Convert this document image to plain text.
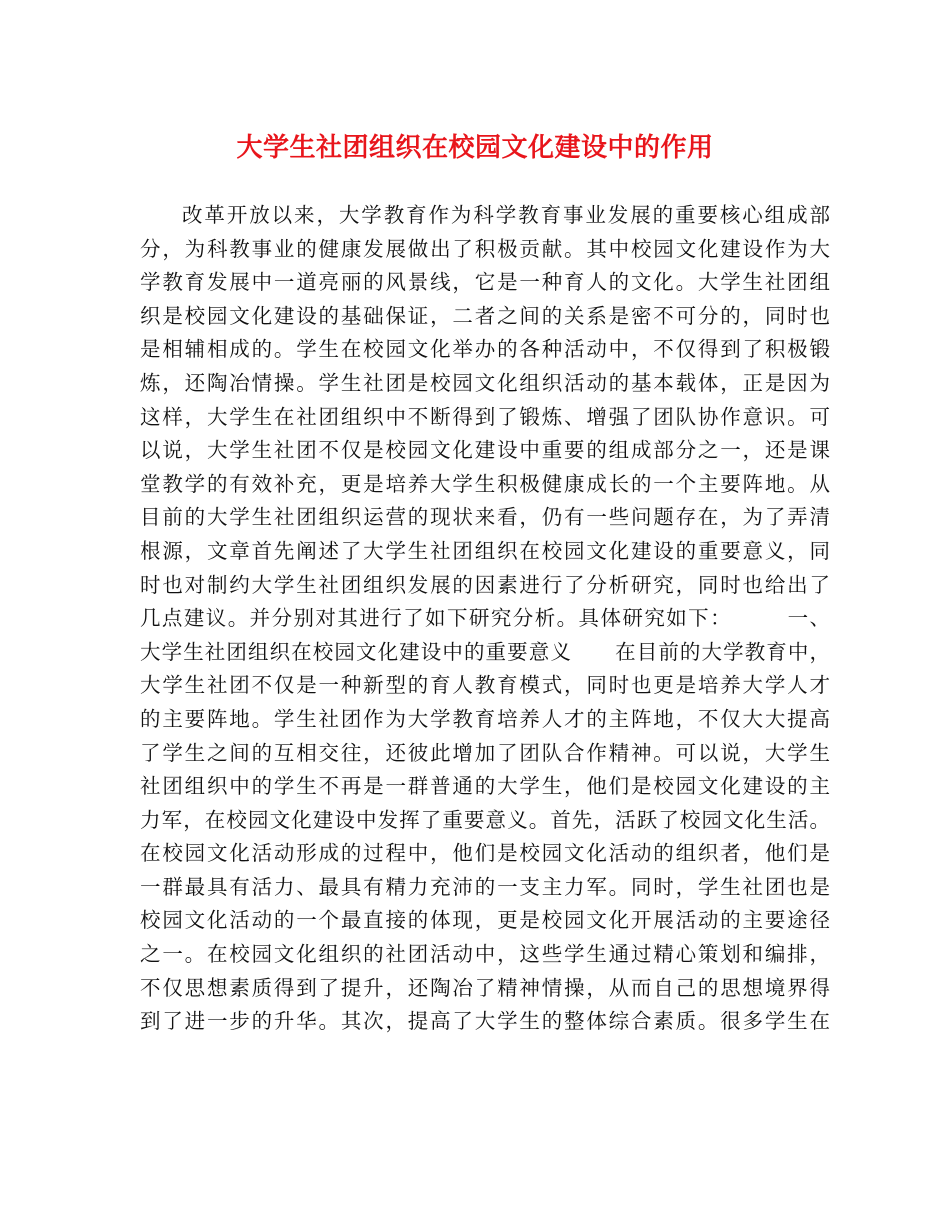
大学生社团组织在校园文化建设中的作用
改革开放以来，大学教育作为科学教育事业发展的重要核心组成部
分，为科教事业的健康发展做出了积极贡献。其中校园文化建设作为大
学教育发展中一道亮丽的风景线，它是一种育人的文化。大学生社团组
织是校园文化建设的基础保证，二者之间的关系是密不可分的，同时也
是相辅相成的。学生在校园文化举办的各种活动中，不仅得到了积极锻
炼，还陶冶情操。学生社团是校园文化组织活动的基本载体，正是因为
这样，大学生在社团组织中不断得到了锻炼、增强了团队协作意识。可
以说，大学生社团不仅是校园文化建设中重要的组成部分之一，还是课
堂教学的有效补充，更是培养大学生积极健康成长的一个主要阵地。从
目前的大学生社团组织运营的现状来看，仍有一些问题存在，为了弄清
根源，文章首先阐述了大学生社团组织在校园文化建设的重要意义，同
时也对制约大学生社团组织发展的因素进行了分析研究，同时也给出了
几点建议。并分别对其进行了如下研究分析。具体研究如下：　　　一、
大学生社团组织在校园文化建设中的重要意义　　在目前的大学教育中，
大学生社团不仅是一种新型的育人教育模式，同时也更是培养大学人才
的主要阵地。学生社团作为大学教育培养人才的主阵地，不仅大大提高
了学生之间的互相交往，还彼此增加了团队合作精神。可以说，大学生
社团组织中的学生不再是一群普通的大学生，他们是校园文化建设的主
力军，在校园文化建设中发挥了重要意义。首先，活跃了校园文化生活。
在校园文化活动形成的过程中，他们是校园文化活动的组织者，他们是
一群最具有活力、最具有精力充沛的一支主力军。同时，学生社团也是
校园文化活动的一个最直接的体现，更是校园文化开展活动的主要途径
之一。在校园文化组织的社团活动中，这些学生通过精心策划和编排，
不仅思想素质得到了提升，还陶冶了精神情操，从而自己的思想境界得
到了进一步的升华。其次，提高了大学生的整体综合素质。很多学生在
